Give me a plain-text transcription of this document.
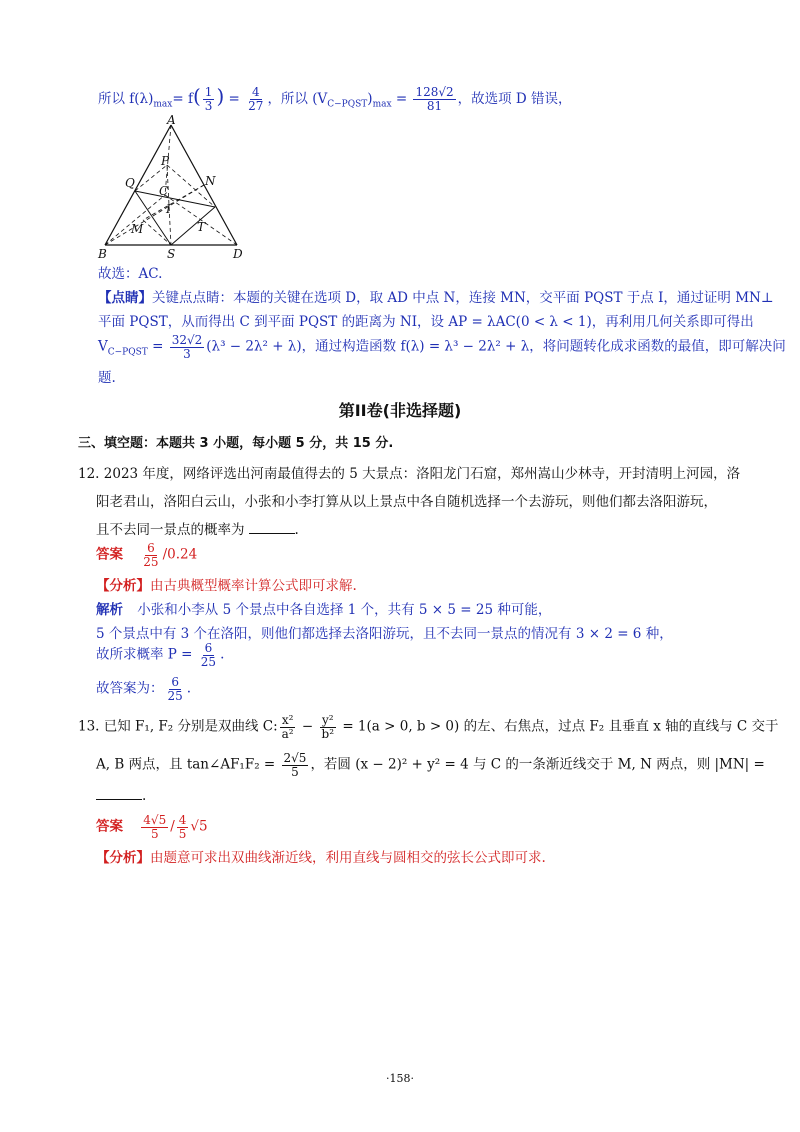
所以 $f(\lambda)_{max}= f( \frac{1}{3}$ ) = $\frac{4}{27}$ ，所以 $(V_{C-PQST})_{max} = \frac{128√2}{81}$ ，故选项 D 错误，
A
P
Q	N
C
I
M	T
B	S	D
故选：AC.
【点睛】关键点点睛：本题的关键在选项 D，取 AD 中点 N，连接 MN，交平面 PQST 于点 I，通过证明 MN⊥
平面 PQST，从而得出 C 到平面 PQST 的距离为 NI，设 AP = λAC(0 < λ < 1)，再利用几何关系即可得出
$V_{C-PQST} = \frac{32√2}{3} (\lambda^3 - 2\lambda^2 + \lambda)$，通过构造函数 f(λ) = λ³ − 2λ² + λ，将问题转化成求函数的最值，即可解决问
题.
第II卷(非选择题)
三、填空题：本题共 3 小题，每小题 5 分，共 15 分.
12. 2023 年度，网络评选出河南最值得去的 5 大景点：洛阳龙门石窟，郑州嵩山少林寺，开封清明上河园，洛
阳老君山，洛阳白云山，小张和小李打算从以上景点中各自随机选择一个去游玩，则他们都去洛阳游玩，
且不去同一景点的概率为	.
答案 $\frac{6}{25} /0.24$
【分析】由古典概型概率计算公式即可求解.
解析 小张和小李从 5 个景点中各自选择 1 个，共有 5 × 5 = 25 种可能，
5 个景点中有 3 个在洛阳，则他们都选择去洛阳游玩，且不去同一景点的情况有 3 × 2 = 6 种，
故所求概率 $P = \frac{6}{25}$ .
故答案为： $\frac{6}{25}$ .
13. 已知 F₁, F₂ 分别是双曲线 C: $\frac{\text{x²}}{\text{a²}} - \frac{\text{y²}}{\text{b²}} = 1(a > 0$, b > 0) 的左、右焦点，过点 F₂ 且垂直 x 轴的直线与 C 交于
A, B 两点，且 tan∠AF₁F₂ = $\frac{2√5}{5}$ ，若圆 (x − 2)² + y² = 4 与 C 的一条渐近线交于 M, N 两点，则 |MN| =
.
答案 $\frac{4√5}{5} / \frac{4}{5} √5$
【分析】由题意可求出双曲线渐近线，利用直线与圆相交的弦长公式即可求.
·158·
